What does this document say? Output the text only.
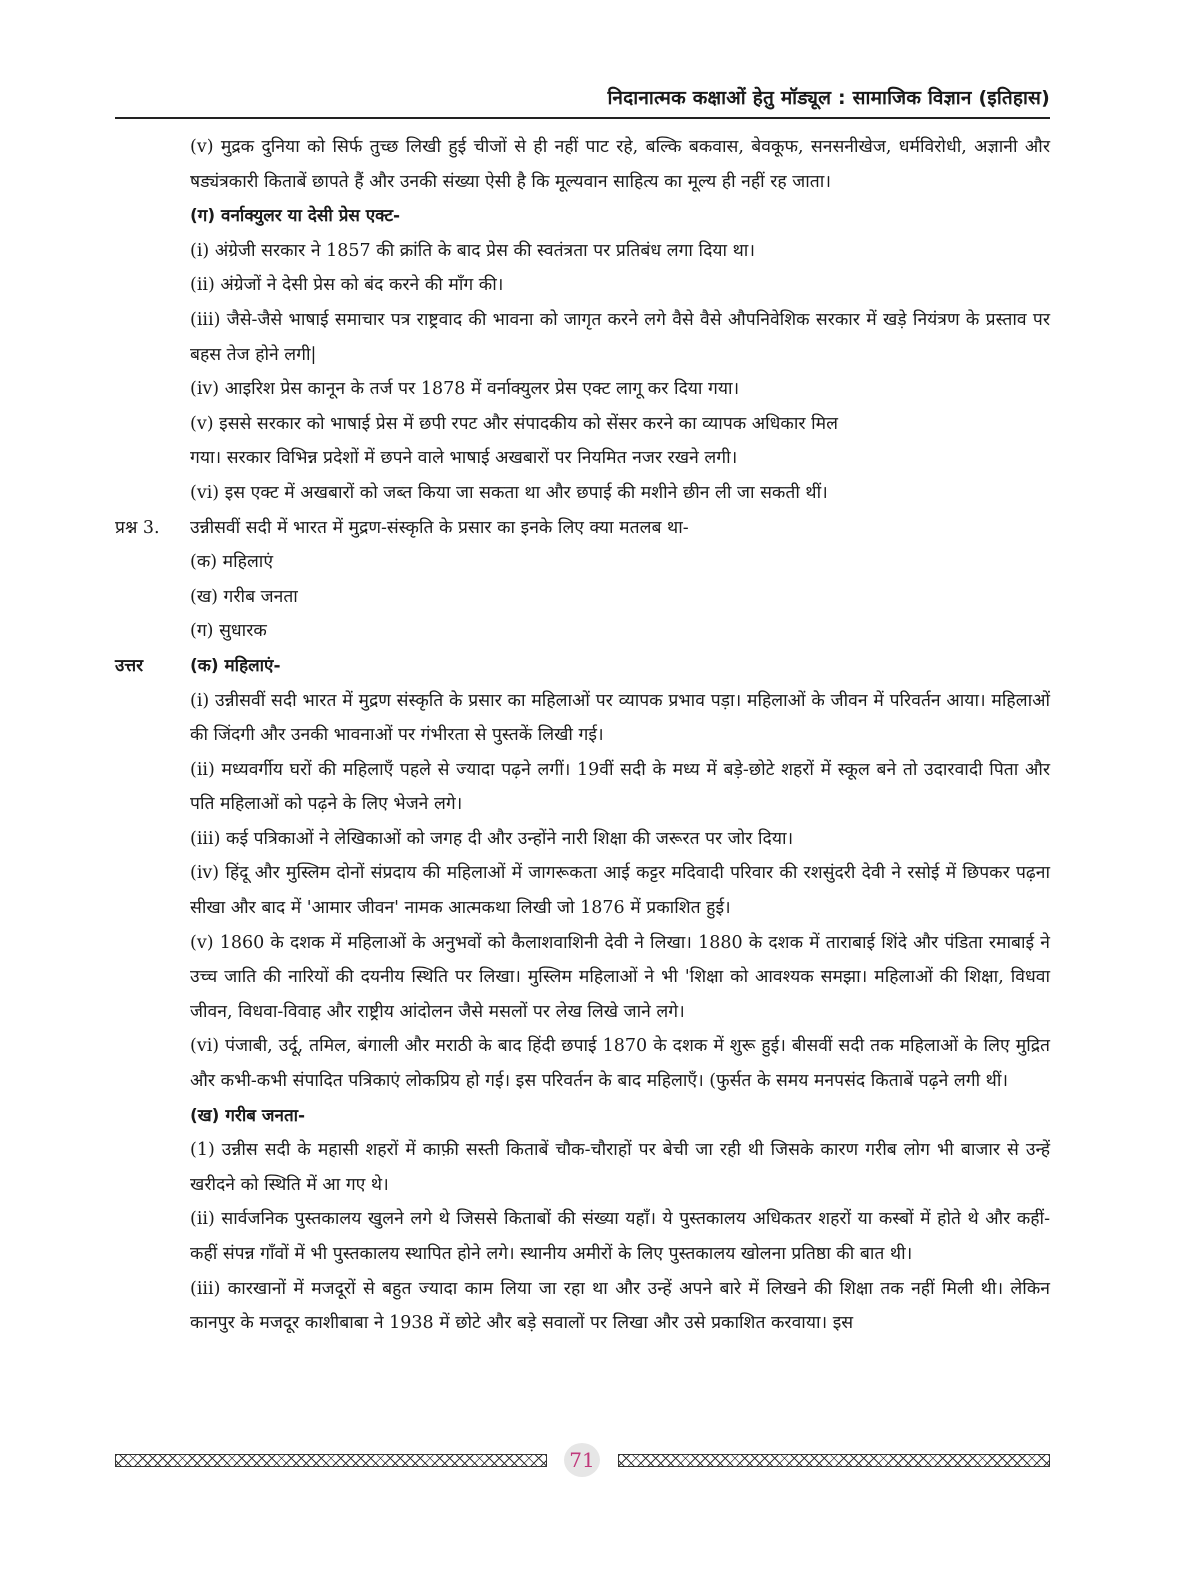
निदानात्मक कक्षाओं हेतु मॉड्यूल : सामाजिक विज्ञान (इतिहास)
(v) मुद्रक दुनिया को सिर्फ तुच्छ लिखी हुई चीजों से ही नहीं पाट रहे, बल्कि बकवास, बेवकूफ, सनसनीखेज, धर्मविरोधी, अज्ञानी और षड्यंत्रकारी किताबें छापते हैं और उनकी संख्या ऐसी है कि मूल्यवान साहित्य का मूल्य ही नहीं रह जाता।
(ग) वर्नाक्युलर या देसी प्रेस एक्ट-
(i) अंग्रेजी सरकार ने 1857 की क्रांति के बाद प्रेस की स्वतंत्रता पर प्रतिबंध लगा दिया था।
(ii) अंग्रेजों ने देसी प्रेस को बंद करने की माँग की।
(iii) जैसे-जैसे भाषाई समाचार पत्र राष्ट्रवाद की भावना को जागृत करने लगे वैसे वैसे औपनिवेशिक सरकार में खड़े नियंत्रण के प्रस्ताव पर बहस तेज होने लगी|
(iv) आइरिश प्रेस कानून के तर्ज पर 1878 में वर्नाक्युलर प्रेस एक्ट लागू कर दिया गया।
(v) इससे सरकार को भाषाई प्रेस में छपी रपट और संपादकीय को सेंसर करने का व्यापक अधिकार मिल
गया। सरकार विभिन्न प्रदेशों में छपने वाले भाषाई अखबारों पर नियमित नजर रखने लगी।
(vi) इस एक्ट में अखबारों को जब्त किया जा सकता था और छपाई की मशीने छीन ली जा सकती थीं।
प्रश्न 3. उन्नीसवीं सदी में भारत में मुद्रण-संस्कृति के प्रसार का इनके लिए क्या मतलब था-
(क) महिलाएं
(ख) गरीब जनता
(ग) सुधारक
उत्तर	(क) महिलाएं-
(i) उन्नीसवीं सदी भारत में मुद्रण संस्कृति के प्रसार का महिलाओं पर व्यापक प्रभाव पड़ा। महिलाओं के जीवन में परिवर्तन आया। महिलाओं की जिंदगी और उनकी भावनाओं पर गंभीरता से पुस्तकें लिखी गई।
(ii) मध्यवर्गीय घरों की महिलाएँ पहले से ज्यादा पढ़ने लगीं। 19वीं सदी के मध्य में बड़े-छोटे शहरों में स्कूल बने तो उदारवादी पिता और पति महिलाओं को पढ़ने के लिए भेजने लगे।
(iii) कई पत्रिकाओं ने लेखिकाओं को जगह दी और उन्होंने नारी शिक्षा की जरूरत पर जोर दिया।
(iv) हिंदू और मुस्लिम दोनों संप्रदाय की महिलाओं में जागरूकता आई कट्टर मदिवादी परिवार की रशसुंदरी देवी ने रसोई में छिपकर पढ़ना सीखा और बाद में 'आमार जीवन' नामक आत्मकथा लिखी जो 1876 में प्रकाशित हुई।
(v) 1860 के दशक में महिलाओं के अनुभवों को कैलाशवाशिनी देवी ने लिखा। 1880 के दशक में ताराबाई शिंदे और पंडिता रमाबाई ने उच्च जाति की नारियों की दयनीय स्थिति पर लिखा। मुस्लिम महिलाओं ने भी 'शिक्षा को आवश्यक समझा। महिलाओं की शिक्षा, विधवा जीवन, विधवा-विवाह और राष्ट्रीय आंदोलन जैसे मसलों पर लेख लिखे जाने लगे।
(vi) पंजाबी, उर्दू, तमिल, बंगाली और मराठी के बाद हिंदी छपाई 1870 के दशक में शुरू हुई। बीसवीं सदी तक महिलाओं के लिए मुद्रित और कभी-कभी संपादित पत्रिकाएं लोकप्रिय हो गई। इस परिवर्तन के बाद महिलाएँ। (फुर्सत के समय मनपसंद किताबें पढ़ने लगी थीं।
(ख) गरीब जनता-
(1) उन्नीस सदी के महासी शहरों में काफ़ी सस्ती किताबें चौक-चौराहों पर बेची जा रही थी जिसके कारण गरीब लोग भी बाजार से उन्हें खरीदने को स्थिति में आ गए थे।
(ii) सार्वजनिक पुस्तकालय खुलने लगे थे जिससे किताबों की संख्या यहाँ। ये पुस्तकालय अधिकतर शहरों या कस्बों में होते थे और कहीं-कहीं संपन्न गाँवों में भी पुस्तकालय स्थापित होने लगे। स्थानीय अमीरों के लिए पुस्तकालय खोलना प्रतिष्ठा की बात थी।
(iii) कारखानों में मजदूरों से बहुत ज्यादा काम लिया जा रहा था और उन्हें अपने बारे में लिखने की शिक्षा तक नहीं मिली थी। लेकिन कानपुर के मजदूर काशीबाबा ने 1938 में छोटे और बड़े सवालों पर लिखा और उसे प्रकाशित करवाया। इस
71
